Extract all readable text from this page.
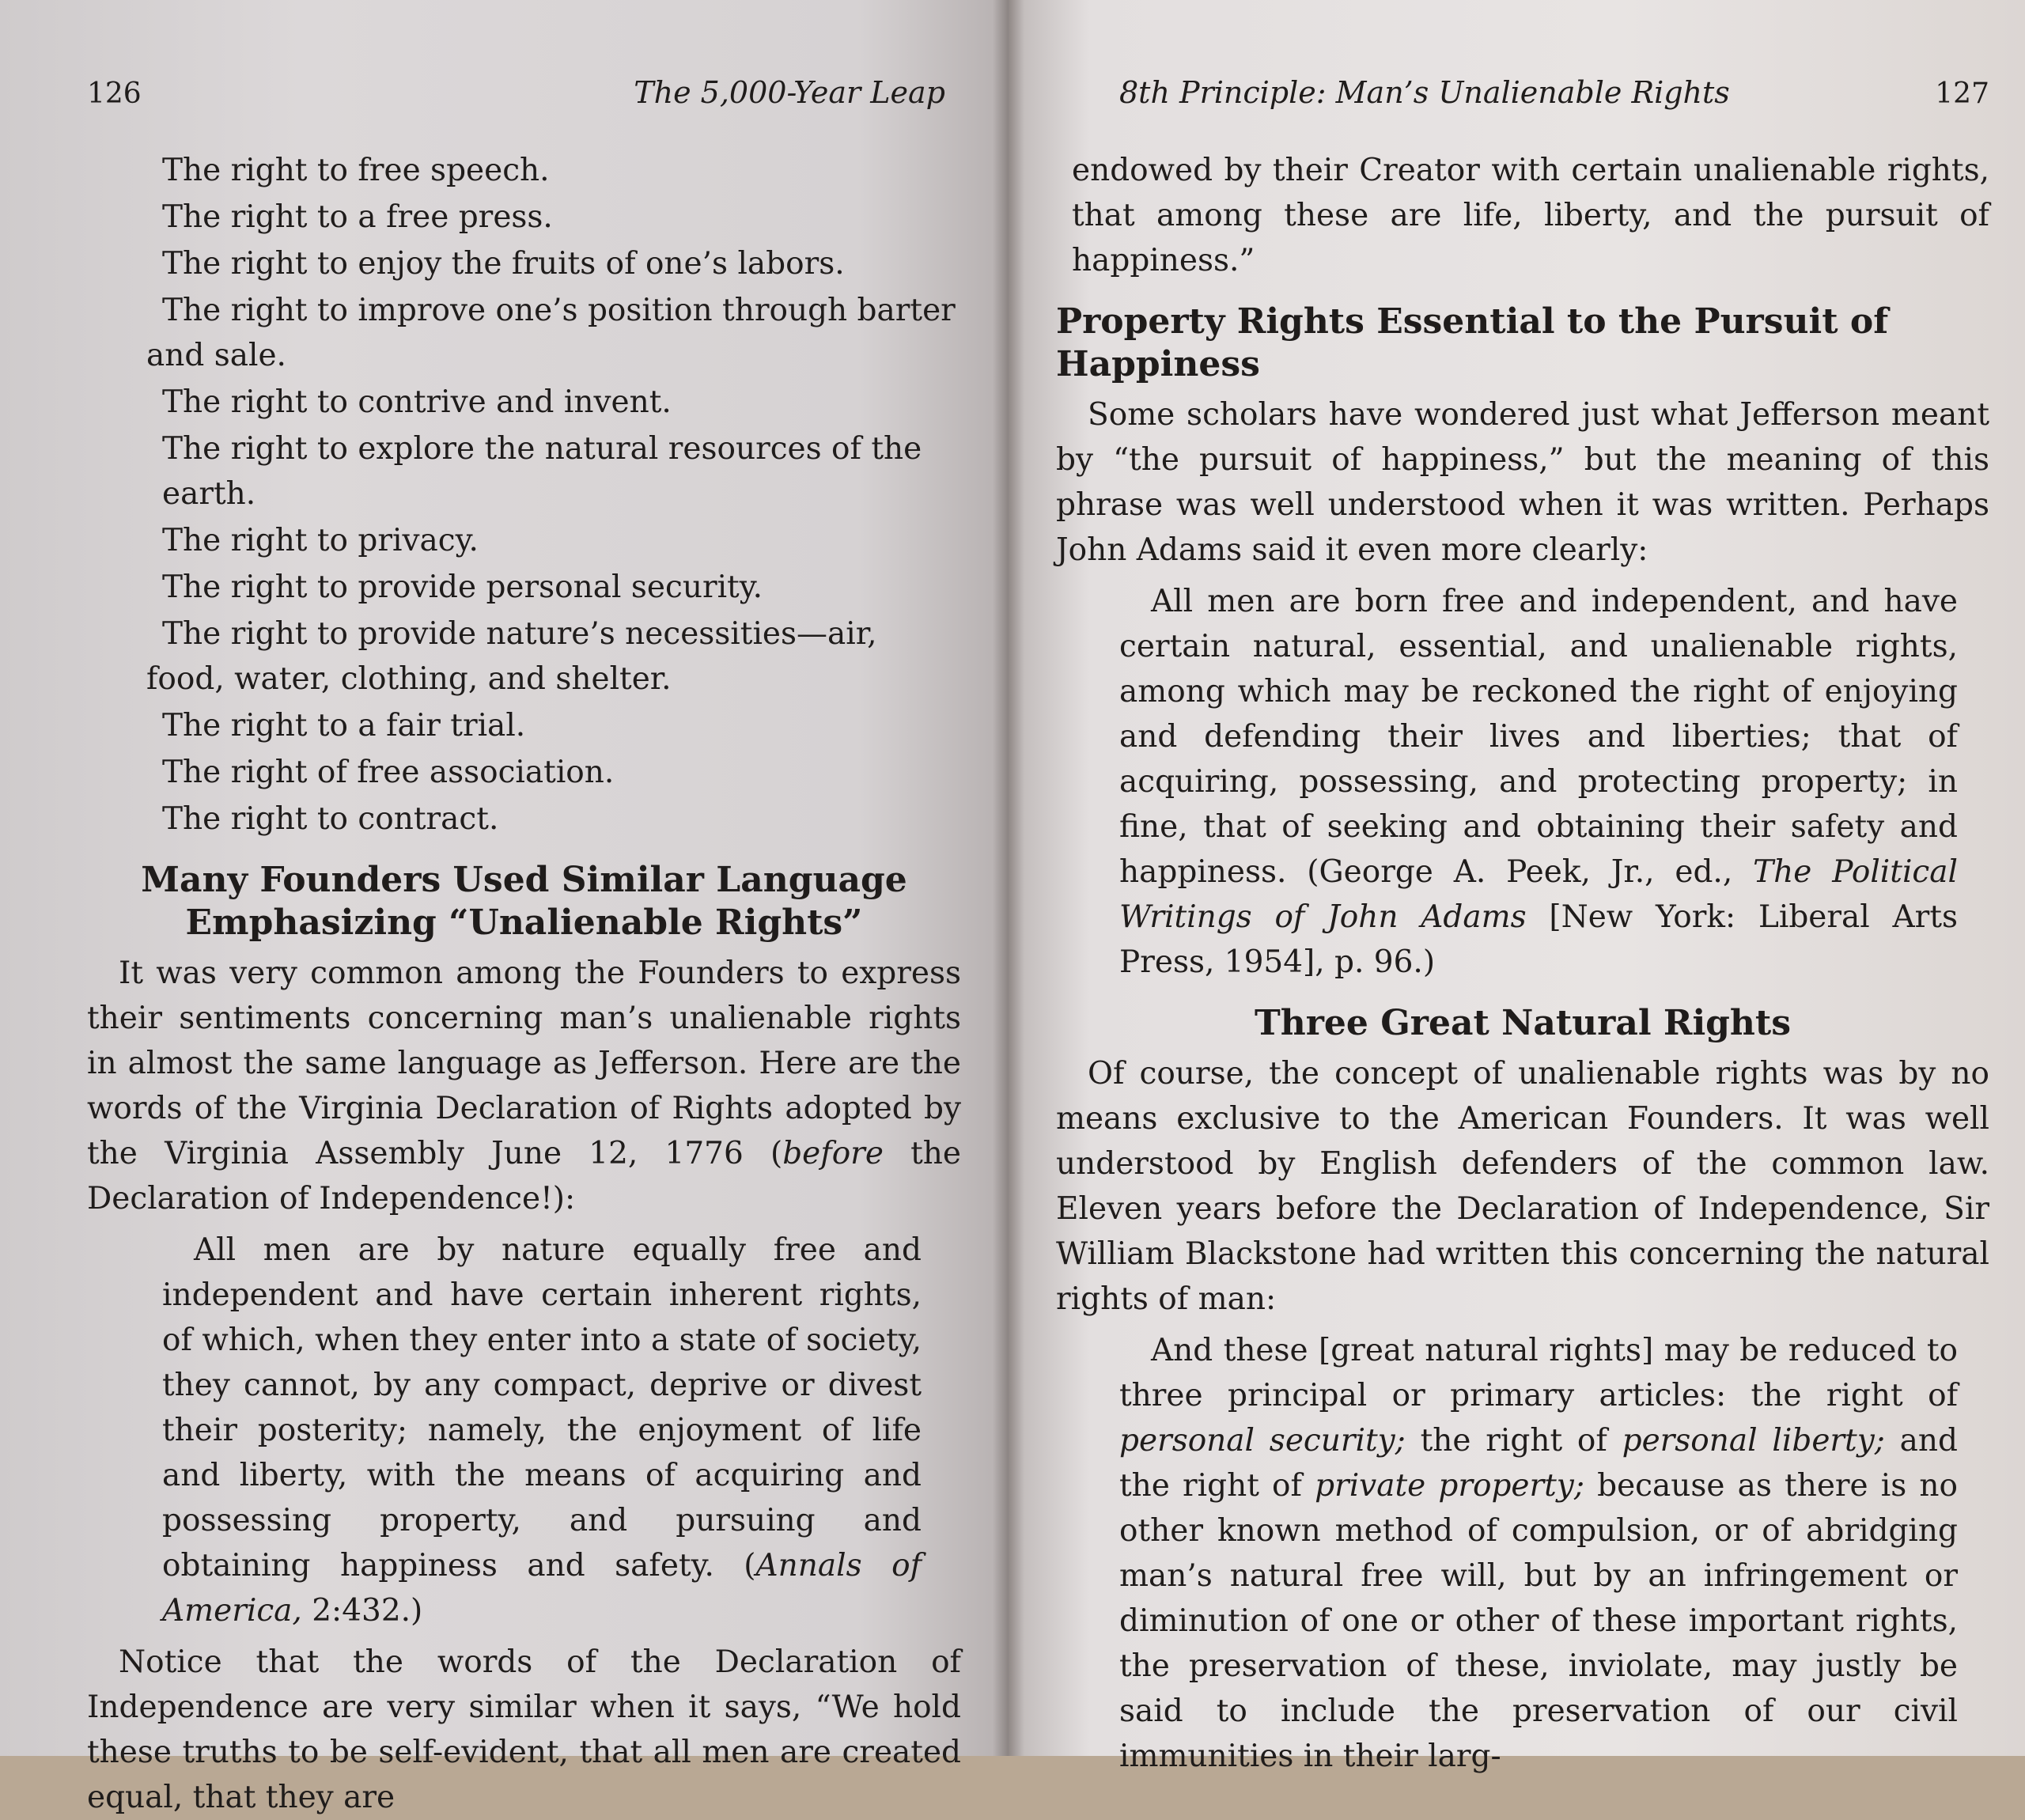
126	The 5,000-Year Leap
The right to free speech.
The right to a free press.
The right to enjoy the fruits of one’s labors.
The right to improve one’s position through barter and sale.
The right to contrive and invent.
The right to explore the natural resources of the earth.
The right to privacy.
The right to provide personal security.
The right to provide nature’s necessities—air, food, water, clothing, and shelter.
The right to a fair trial.
The right of free association.
The right to contract.
Many Founders Used Similar Language Emphasizing “Unalienable Rights”

It was very common among the Founders to express their sentiments concerning man’s unalienable rights in almost the same language as Jefferson. Here are the words of the Virginia Declaration of Rights adopted by the Virginia Assembly June 12, 1776 (before the Declaration of Independence!):

All men are by nature equally free and independent and have certain inherent rights, of which, when they enter into a state of society, they cannot, by any compact, deprive or divest their posterity; namely, the enjoyment of life and liberty, with the means of acquiring and possessing property, and pursuing and obtaining happiness and safety. (Annals of America, 2:432.)

Notice that the words of the Declaration of Independence are very similar when it says, “We hold these truths to be self-evident, that all men are created equal, that they are

8th Principle: Man’s Unalienable Rights	127

endowed by their Creator with certain unalienable rights, that among these are life, liberty, and the pursuit of happiness.”

Property Rights Essential to the Pursuit of Happiness

Some scholars have wondered just what Jefferson meant by “the pursuit of happiness,” but the meaning of this phrase was well understood when it was written. Perhaps John Adams said it even more clearly:

All men are born free and independent, and have certain natural, essential, and unalienable rights, among which may be reckoned the right of enjoying and defending their lives and liberties; that of acquiring, possessing, and protecting property; in fine, that of seeking and obtaining their safety and happiness. (George A. Peek, Jr., ed., The Political Writings of John Adams [New York: Liberal Arts Press, 1954], p. 96.)

Three Great Natural Rights

Of course, the concept of unalienable rights was by no means exclusive to the American Founders. It was well understood by English defenders of the common law. Eleven years before the Declaration of Independence, Sir William Blackstone had written this concerning the natural rights of man:

And these [great natural rights] may be reduced to three principal or primary articles: the right of personal security; the right of personal liberty; and the right of private property; because as there is no other known method of compulsion, or of abridging man’s natural free will, but by an infringement or diminution of one or other of these important rights, the preservation of these, inviolate, may justly be said to include the preservation of our civil immunities in their larg-
